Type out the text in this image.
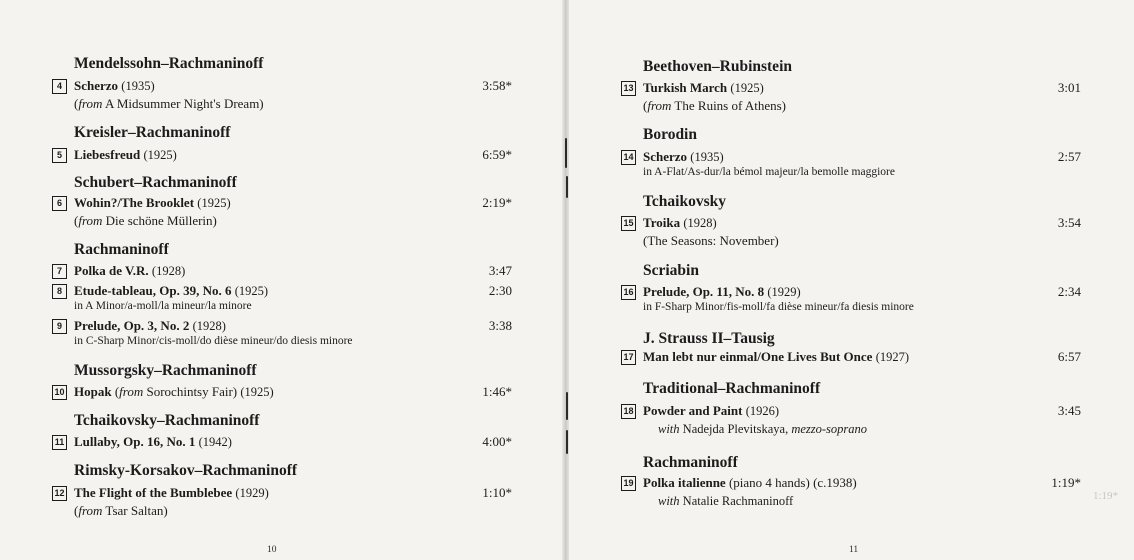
Mendelssohn–Rachmaninoff
4 Scherzo (1935)	3:58*
(from A Midsummer Night's Dream)
Kreisler–Rachmaninoff
5 Liebesfreud (1925)	6:59*
Schubert–Rachmaninoff
6 Wohin?/The Brooklet (1925)	2:19*
(from Die schöne Müllerin)
Rachmaninoff
7 Polka de V.R. (1928)	3:47
8 Etude-tableau, Op. 39, No. 6 (1925)	2:30
in A Minor/a-moll/la mineur/la minore
9 Prelude, Op. 3, No. 2 (1928)	3:38
in C-Sharp Minor/cis-moll/do dièse mineur/do diesis minore
Mussorgsky–Rachmaninoff
10 Hopak (from Sorochintsy Fair) (1925)	1:46*
Tchaikovsky–Rachmaninoff
11 Lullaby, Op. 16, No. 1 (1942)	4:00*
Rimsky-Korsakov–Rachmaninoff
12 The Flight of the Bumblebee (1929)	1:10*
(from Tsar Saltan)
10
Beethoven–Rubinstein
13 Turkish March (1925)	3:01
(from The Ruins of Athens)
Borodin
14 Scherzo (1935)	2:57
in A-Flat/As-dur/la bémol majeur/la bemolle maggiore
Tchaikovsky
15 Troika (1928)	3:54
(The Seasons: November)
Scriabin
16 Prelude, Op. 11, No. 8 (1929)	2:34
in F-Sharp Minor/fis-moll/fa dièse mineur/fa diesis minore
J. Strauss II–Tausig
17 Man lebt nur einmal/One Lives But Once (1927)	6:57
Traditional–Rachmaninoff
18 Powder and Paint (1926)	3:45
with Nadejda Plevitskaya, mezzo-soprano
Rachmaninoff
19 Polka italienne (piano 4 hands) (c.1938)	1:19*
with Natalie Rachmaninoff
11
1:19*
